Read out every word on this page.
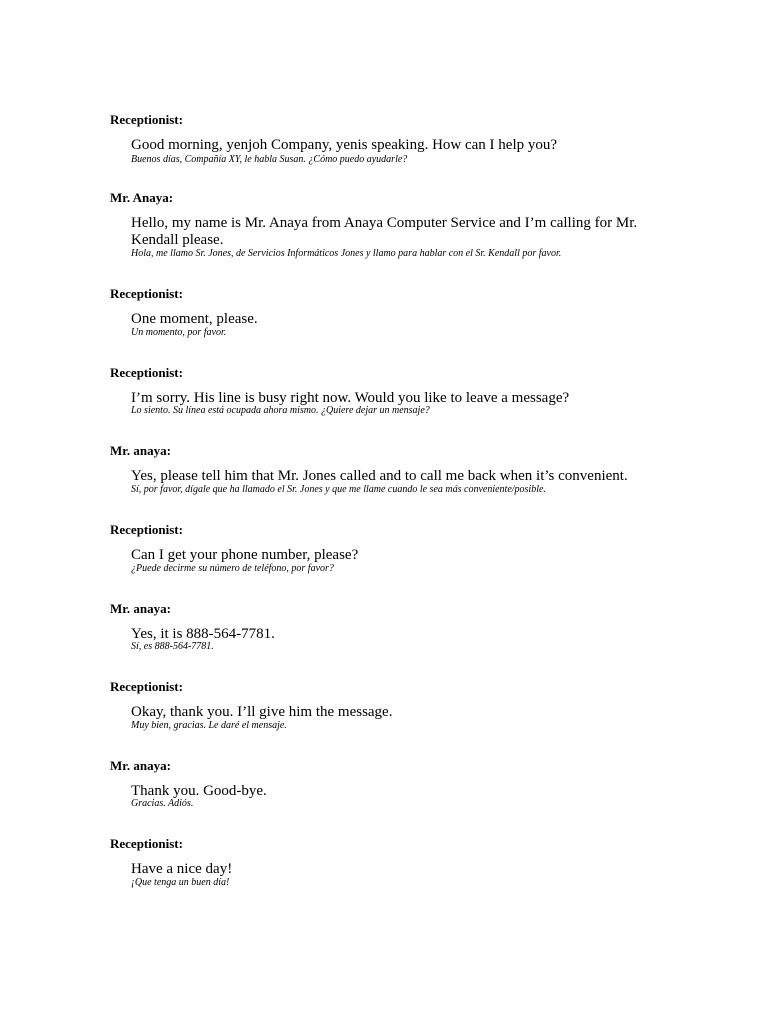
Receptionist:
Good morning, yenjoh Company, yenis speaking. How can I help you?
Buenos días, Compañía XY, le habla Susan. ¿Cómo puedo ayudarle?
Mr. Anaya:
Hello, my name is Mr. Anaya from Anaya Computer Service and I’m calling for Mr. Kendall please.
Hola, me llamo Sr. Jones, de Servicios Informáticos Jones y llamo para hablar con el Sr. Kendall por favor.
Receptionist:
One moment, please.
Un momento, por favor.
Receptionist:
I’m sorry. His line is busy right now. Would you like to leave a message?
Lo siento. Su línea está ocupada ahora mismo. ¿Quiere dejar un mensaje?
Mr. anaya:
Yes, please tell him that Mr. Jones called and to call me back when it’s convenient.
Sí, por favor, dígale que ha llamado el Sr. Jones y que me llame cuando le sea más conveniente/posible.
Receptionist:
Can I get your phone number, please?
¿Puede decirme su número de teléfono, por favor?
Mr. anaya:
Yes, it is 888-564-7781.
Sí, es 888-564-7781.
Receptionist:
Okay, thank you. I’ll give him the message.
Muy bien, gracias. Le daré el mensaje.
Mr. anaya:
Thank you. Good-bye.
Gracias. Adiós.
Receptionist:
Have a nice day!
¡Que tenga un buen día!
